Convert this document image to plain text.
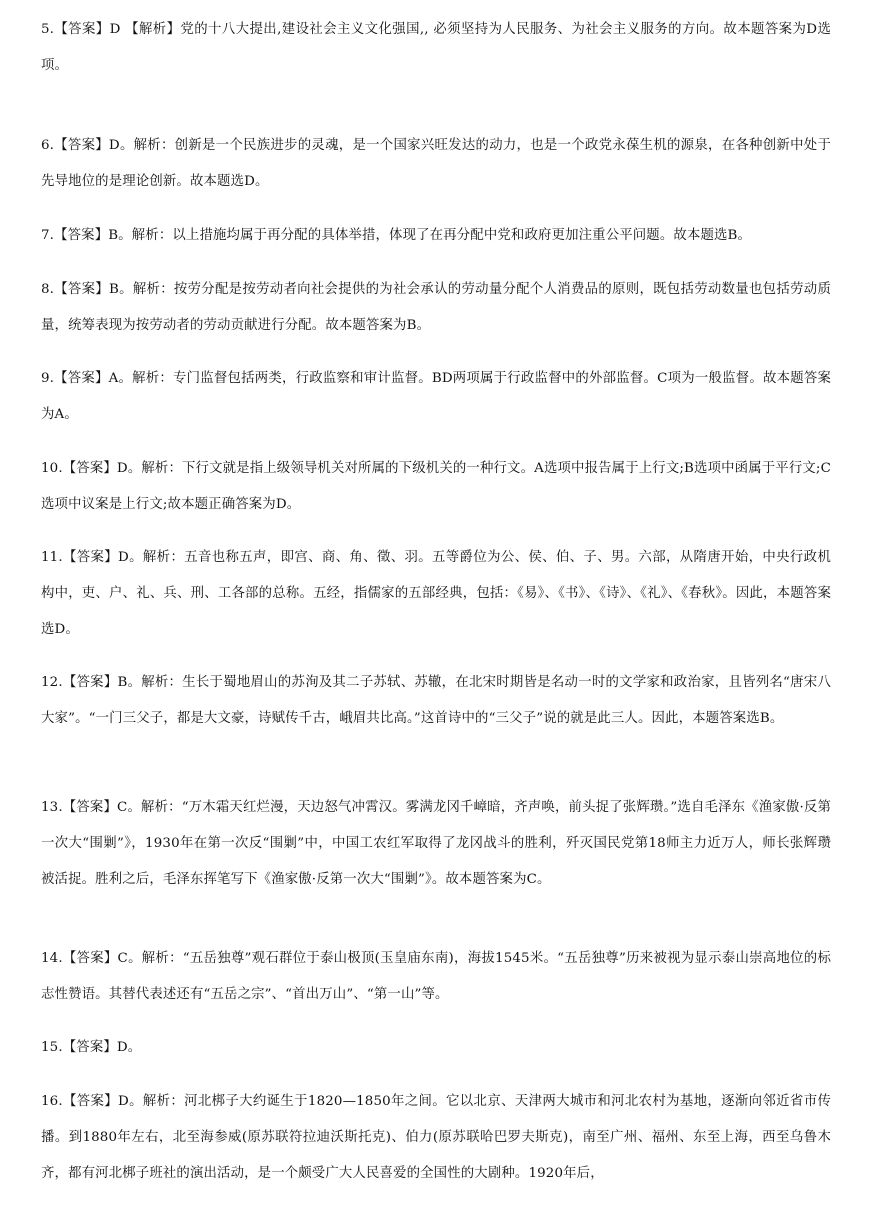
5.【答案】D 【解析】党的十八大提出,建设社会主义文化强国,, 必须坚持为人民服务、为社会主义服务的方向。故本题答案为D选项。

6.【答案】D。解析：创新是一个民族进步的灵魂，是一个国家兴旺发达的动力，也是一个政党永葆生机的源泉，在各种创新中处于先导地位的是理论创新。故本题选D。

7.【答案】B。解析：以上措施均属于再分配的具体举措，体现了在再分配中党和政府更加注重公平问题。故本题选B。

8.【答案】B。解析：按劳分配是按劳动者向社会提供的为社会承认的劳动量分配个人消费品的原则，既包括劳动数量也包括劳动质量，统筹表现为按劳动者的劳动贡献进行分配。故本题答案为B。

9.【答案】A。解析：专门监督包括两类，行政监察和审计监督。BD两项属于行政监督中的外部监督。C项为一般监督。故本题答案为A。

10.【答案】D。解析：下行文就是指上级领导机关对所属的下级机关的一种行文。A选项中报告属于上行文;B选项中函属于平行文;C选项中议案是上行文;故本题正确答案为D。

11.【答案】D。解析：五音也称五声，即宫、商、角、徵、羽。五等爵位为公、侯、伯、子、男。六部，从隋唐开始，中央行政机构中，吏、户、礼、兵、刑、工各部的总称。五经，指儒家的五部经典，包括：《易》、《书》、《诗》、《礼》、《春秋》。因此，本题答案选D。

12.【答案】B。解析：生长于蜀地眉山的苏洵及其二子苏轼、苏辙，在北宋时期皆是名动一时的文学家和政治家，且皆列名“唐宋八大家”。“一门三父子，都是大文豪，诗赋传千古，峨眉共比高。”这首诗中的“三父子”说的就是此三人。因此，本题答案选B。

13.【答案】C。解析：“万木霜天红烂漫，天边怒气冲霄汉。雾满龙冈千嶂暗，齐声唤，前头捉了张辉瓒。”选自毛泽东《渔家傲·反第一次大“围剿”》，1930年在第一次反“围剿”中，中国工农红军取得了龙冈战斗的胜利，歼灭国民党第18师主力近万人，师长张辉瓒被活捉。胜利之后，毛泽东挥笔写下《渔家傲·反第一次大“围剿”》。故本题答案为C。

14.【答案】C。解析：“五岳独尊”观石群位于泰山极顶(玉皇庙东南)，海拔1545米。“五岳独尊”历来被视为显示泰山崇高地位的标志性赞语。其替代表述还有“五岳之宗”、“首出万山”、“第一山”等。

15.【答案】D。

16.【答案】D。解析：河北梆子大约诞生于1820—1850年之间。它以北京、天津两大城市和河北农村为基地，逐渐向邻近省市传播。到1880年左右，北至海参威(原苏联符拉迪沃斯托克)、伯力(原苏联哈巴罗夫斯克)，南至广州、福州、东至上海，西至乌鲁木齐，都有河北梆子班社的演出活动，是一个颇受广大人民喜爱的全国性的大剧种。1920年后，
